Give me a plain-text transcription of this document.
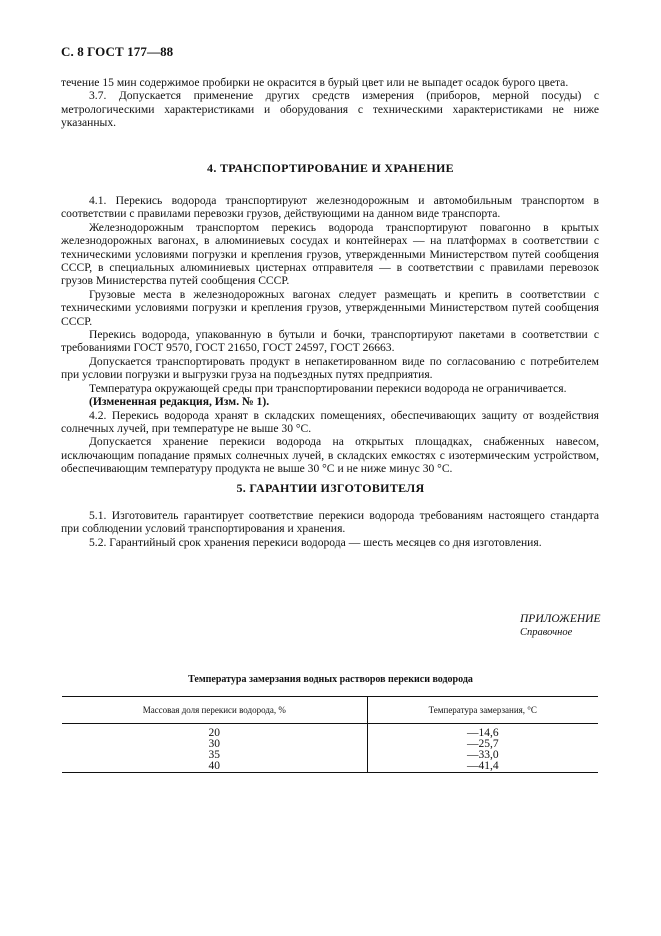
С. 8 ГОСТ 177—88

течение 15 мин содержимое пробирки не окрасится в бурый цвет или не выпадет осадок бурого цвета.

3.7. Допускается применение других средств измерения (приборов, мерной посуды) с метрологическими характеристиками и оборудования с техническими характеристиками не ниже указанных.

4. ТРАНСПОРТИРОВАНИЕ И ХРАНЕНИЕ

4.1. Перекись водорода транспортируют железнодорожным и автомобильным транспортом в соответствии с правилами перевозки грузов, действующими на данном виде транспорта.

Железнодорожным транспортом перекись водорода транспортируют повагонно в крытых железнодорожных вагонах, в алюминиевых сосудах и контейнерах — на платформах в соответствии с техническими условиями погрузки и крепления грузов, утвержденными Министерством путей сообщения СССР, в специальных алюминиевых цистернах отправителя — в соответствии с правилами перевозок грузов Министерства путей сообщения СССР.

Грузовые места в железнодорожных вагонах следует размещать и крепить в соответствии с техническими условиями погрузки и крепления грузов, утвержденными Министерством путей сообщения СССР.

Перекись водорода, упакованную в бутыли и бочки, транспортируют пакетами в соответствии с требованиями ГОСТ 9570, ГОСТ 21650, ГОСТ 24597, ГОСТ 26663.

Допускается транспортировать продукт в непакетированном виде по согласованию с потребителем при условии погрузки и выгрузки груза на подъездных путях предприятия.

Температура окружающей среды при транспортировании перекиси водорода не ограничивается.

(Измененная редакция, Изм. № 1).

4.2. Перекись водорода хранят в складских помещениях, обеспечивающих защиту от воздействия солнечных лучей, при температуре не выше 30 °С.

Допускается хранение перекиси водорода на открытых площадках, снабженных навесом, исключающим попадание прямых солнечных лучей, в складских емкостях с изотермическим устройством, обеспечивающим температуру продукта не выше 30 °С и не ниже минус 30 °С.

5. ГАРАНТИИ ИЗГОТОВИТЕЛЯ

5.1. Изготовитель гарантирует соответствие перекиси водорода требованиям настоящего стандарта при соблюдении условий транспортирования и хранения.

5.2. Гарантийный срок хранения перекиси водорода — шесть месяцев со дня изготовления.

ПРИЛОЖЕНИЕ
Справочное
Температура замерзания водных растворов перекиси водорода
Массовая доля перекиси водорода, %	Температура замерзания, °С
20	—14,6
30	—25,7
35	—33,0
40	—41,4
